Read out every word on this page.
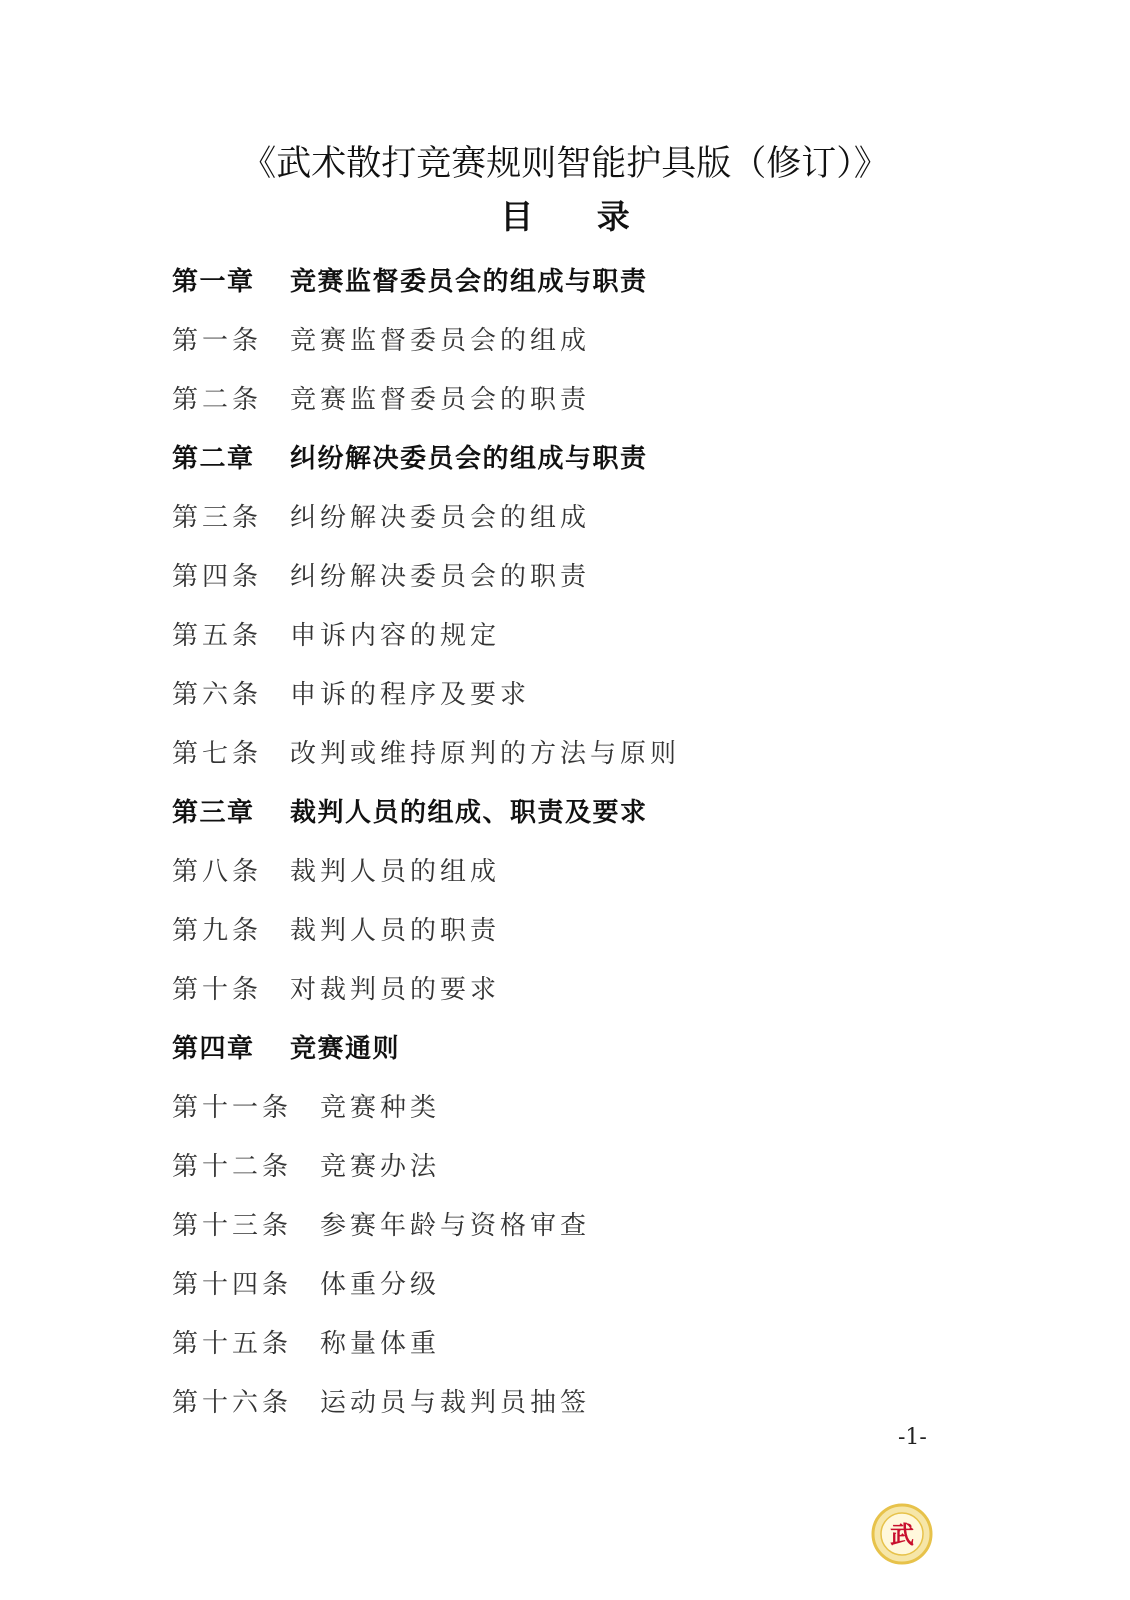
《武术散打竞赛规则智能护具版（修订）》
目 录
第一章	竞赛监督委员会的组成与职责
第一条	竞赛监督委员会的组成
第二条	竞赛监督委员会的职责
第二章	纠纷解决委员会的组成与职责
第三条	纠纷解决委员会的组成
第四条	纠纷解决委员会的职责
第五条	申诉内容的规定
第六条	申诉的程序及要求
第七条	改判或维持原判的方法与原则
第三章	裁判人员的组成、职责及要求
第八条	裁判人员的组成
第九条	裁判人员的职责
第十条	对裁判员的要求
第四章	竞赛通则
第十一条	竞赛种类
第十二条	竞赛办法
第十三条	参赛年龄与资格审查
第十四条	体重分级
第十五条	称量体重
第十六条	运动员与裁判员抽签
-1-
武
